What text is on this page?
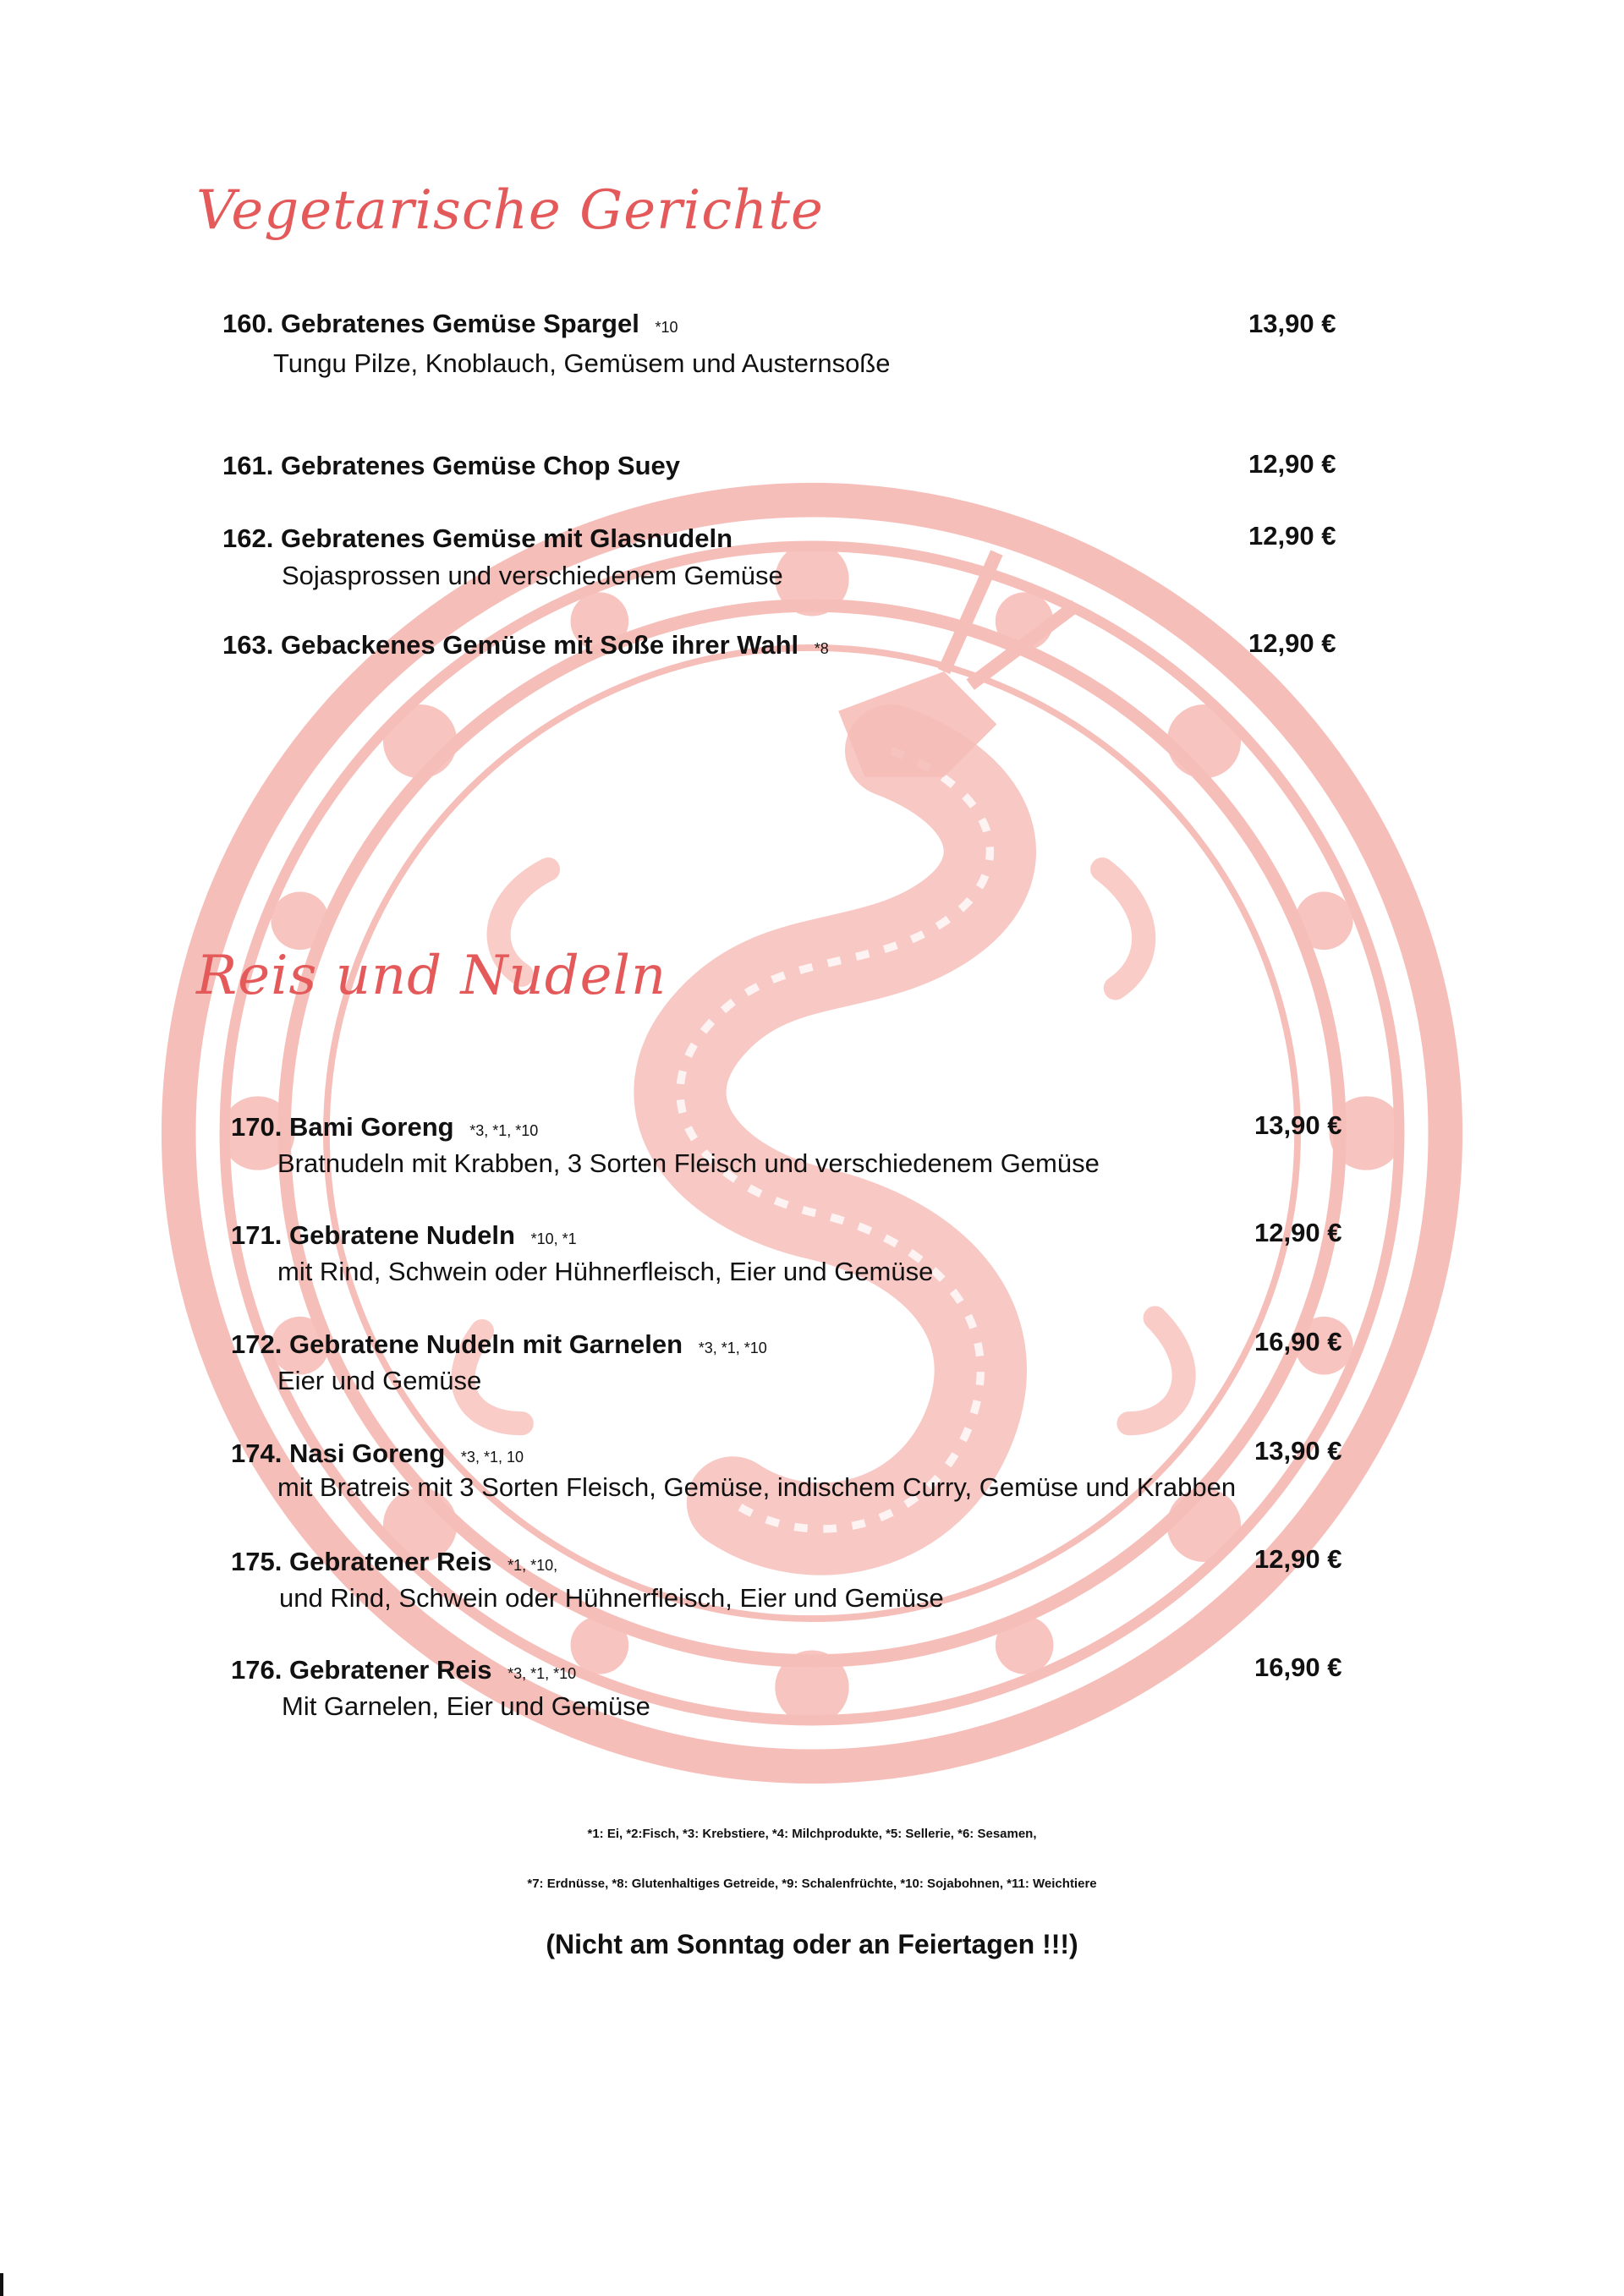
Vegetarische Gerichte
160. Gebratenes Gemüse Spargel *10	13,90 €
Tungu Pilze, Knoblauch, Gemüsem und Austernsoße
161. Gebratenes Gemüse Chop Suey	12,90 €
162. Gebratenes Gemüse mit Glasnudeln	12,90 €
Sojasprossen und verschiedenem Gemüse
163. Gebackenes Gemüse mit Soße ihrer Wahl *8	12,90 €
Reis und Nudeln
170. Bami Goreng *3, *1, *10	13,90 €
Bratnudeln mit Krabben, 3 Sorten Fleisch und verschiedenem Gemüse
171. Gebratene Nudeln *10, *1	12,90 €
mit Rind, Schwein oder Hühnerfleisch, Eier und Gemüse
172. Gebratene Nudeln mit Garnelen *3, *1, *10	16,90 €
Eier und Gemüse
174. Nasi Goreng *3, *1, 10	13,90 €
mit Bratreis mit 3 Sorten Fleisch, Gemüse, indischem Curry, Gemüse und Krabben
175. Gebratener Reis *1, *10,	12,90 €
und Rind, Schwein oder Hühnerfleisch, Eier und Gemüse
176. Gebratener Reis *3, *1, *10	16,90 €
Mit Garnelen, Eier und Gemüse
*1: Ei, *2:Fisch, *3: Krebstiere, *4: Milchprodukte, *5: Sellerie, *6: Sesamen,
*7: Erdnüsse, *8: Glutenhaltiges Getreide, *9: Schalenfrüchte, *10: Sojabohnen, *11: Weichtiere
(Nicht am Sonntag oder an Feiertagen !!!)
